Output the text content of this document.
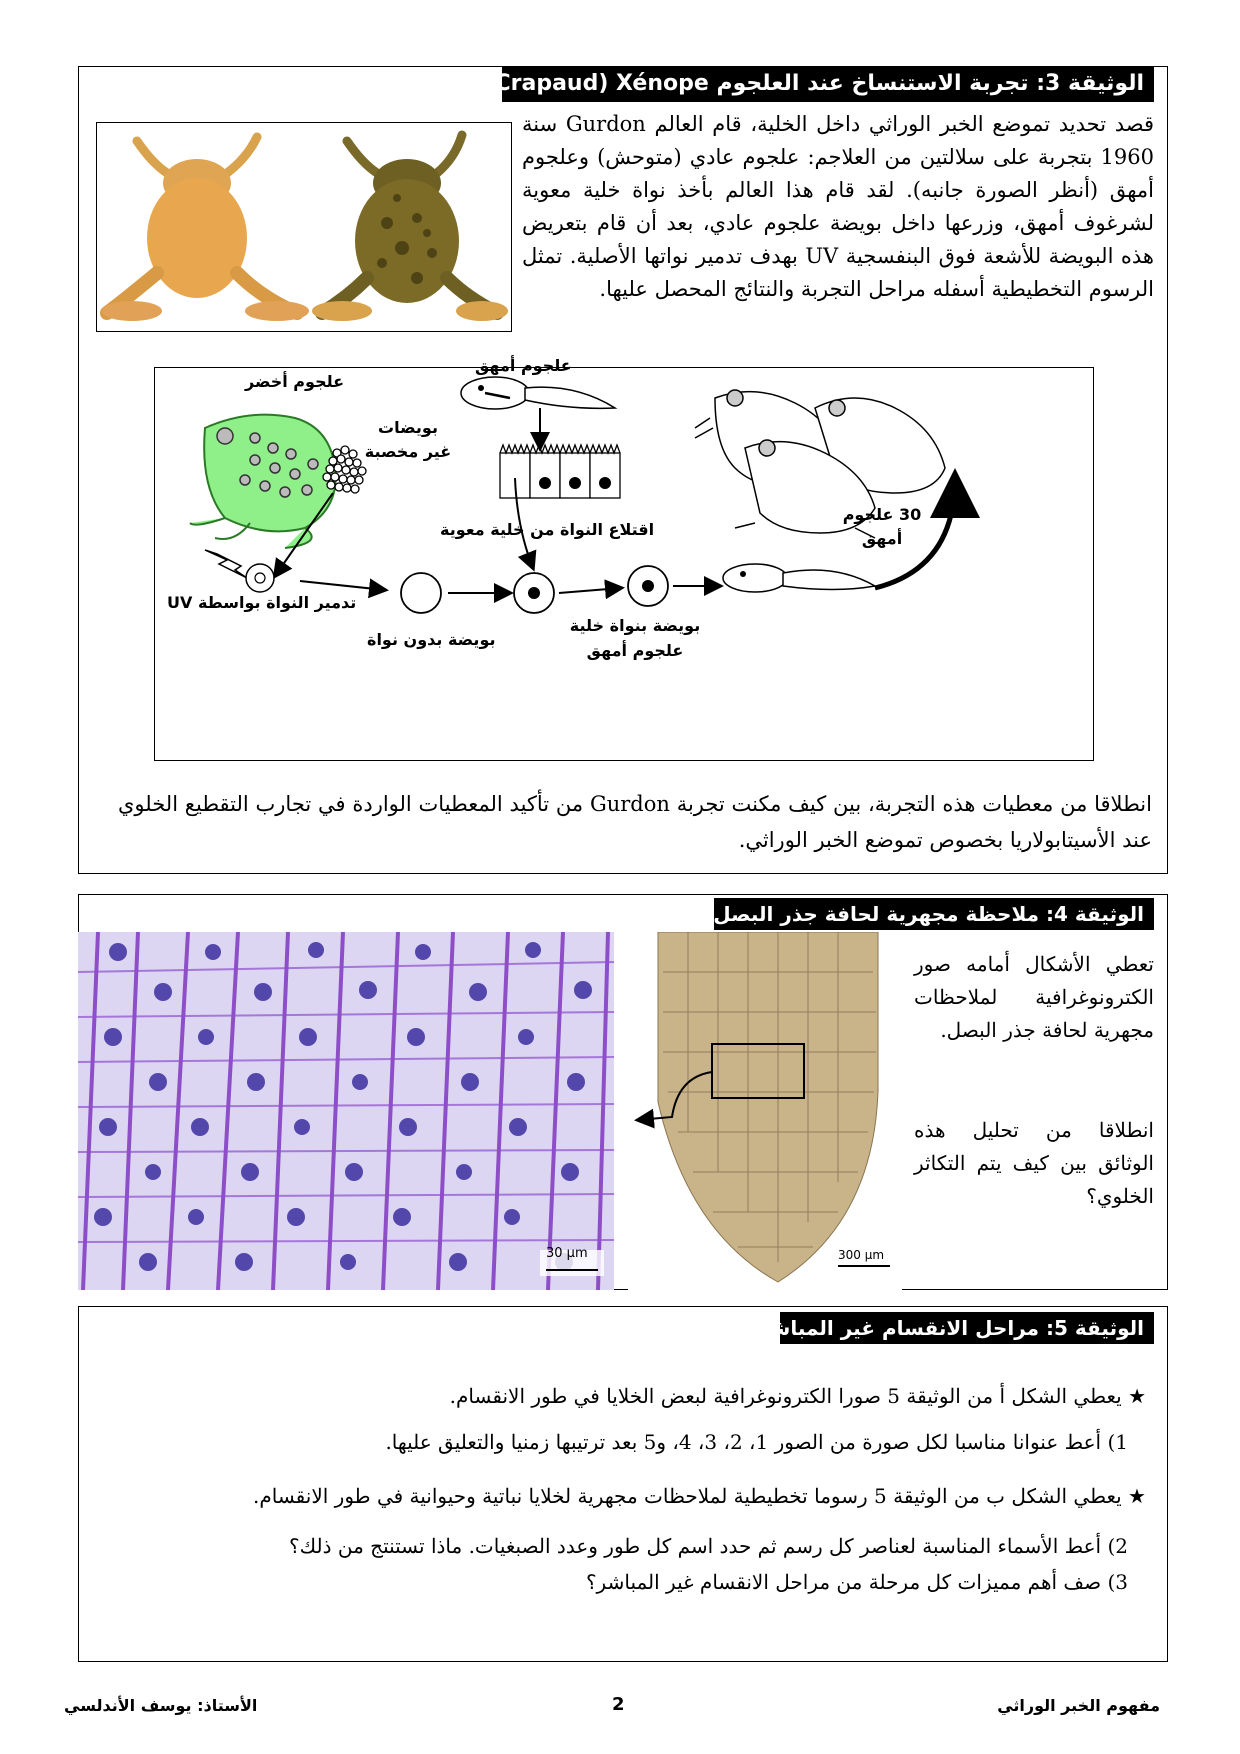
الوثيقة 3: تجربة الاستنساخ عند العلجوم (Crapaud) Xénope
قصد تحديد تموضع الخبر الوراثي داخل الخلية، قام العالم Gurdon سنة 1960 بتجربة على سلالتين من العلاجم: علجوم عادي (متوحش) وعلجوم أمهق (أنظر الصورة جانبه). لقد قام هذا العالم بأخذ نواة خلية معوية لشرغوف أمهق، وزرعها داخل بويضة علجوم عادي، بعد أن قام بتعريض هذه البويضة للأشعة فوق البنفسجية UV بهدف تدمير نواتها الأصلية. تمثل الرسوم التخطيطية أسفله مراحل التجربة والنتائج المحصل عليها.
علجوم أخضر
علجوم أمهق
بويضات غير مخصبة
اقتلاع النواة من خلية معوية
30 علجوم أمهق
تدمير النواة بواسطة UV
بويضة بدون نواة
بويضة بنواة خلية علجوم أمهق
انطلاقا من معطيات هذه التجربة، بين كيف مكنت تجربة Gurdon من تأكيد المعطيات الواردة في تجارب التقطيع الخلوي عند الأسيتابولاريا بخصوص تموضع الخبر الوراثي.
الوثيقة 4: ملاحظة مجهرية لحافة جذر البصل.
30 µm	300 µm
تعطي الأشكال أمامه صور الكترونوغرافية لملاحظات مجهرية لحافة جذر البصل.
انطلاقا من تحليل هذه الوثائق بين كيف يتم التكاثر الخلوي؟
الوثيقة 5: مراحل الانقسام غير المباشر.
★ يعطي الشكل أ من الوثيقة 5 صورا الكترونوغرافية لبعض الخلايا في طور الانقسام.
1) أعط عنوانا مناسبا لكل صورة من الصور 1، 2، 3، 4، و5 بعد ترتيبها زمنيا والتعليق عليها.
★ يعطي الشكل ب من الوثيقة 5 رسوما تخطيطية لملاحظات مجهرية لخلايا نباتية وحيوانية في طور الانقسام.
2) أعط الأسماء المناسبة لعناصر كل رسم ثم حدد اسم كل طور وعدد الصبغيات. ماذا تستنتج من ذلك؟
3) صف أهم مميزات كل مرحلة من مراحل الانقسام غير المباشر؟
مفهوم الخبر الوراثي
2
الأستاذ: يوسف الأندلسي
